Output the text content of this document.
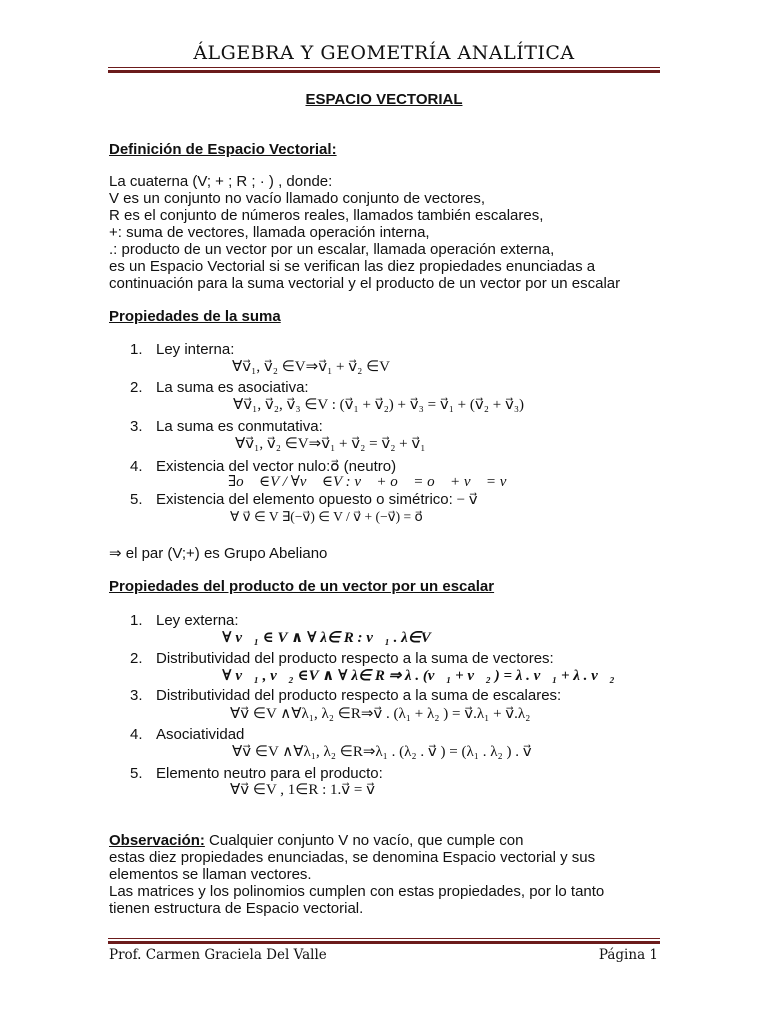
ÁLGEBRA Y GEOMETRÍA ANALÍTICA
ESPACIO VECTORIAL
Definición de Espacio Vectorial:
La cuaterna (V; + ; R ; · ) , donde:
V es un conjunto no vacío llamado conjunto de vectores,
R es el conjunto de números reales, llamados también escalares,
+: suma de vectores, llamada operación interna,
.: producto de un vector por un escalar, llamada operación externa,
es un Espacio Vectorial si se verifican las diez propiedades enunciadas a
continuación para la suma vectorial y el producto de un vector por un escalar
Propiedades de la suma
1. Ley interna:
∀v⃗₁, v⃗₂ ∈V⇒v⃗₁ + v⃗₂ ∈V
2. La suma es asociativa:
∀v⃗₁, v⃗₂, v⃗₃ ∈V : (v⃗₁ + v⃗₂) + v⃗₃ = v⃗₁ + (v⃗₂ + v⃗₃)
3. La suma es conmutativa:
∀v⃗₁, v⃗₂ ∈V⇒v⃗₁ + v⃗₂ = v⃗₂ + v⃗₁
4. Existencia del vector nulo:o⃗ (neutro)
∃o⃗ ∈V / ∀v⃗ ∈V : v⃗ + o⃗ = o⃗ + v⃗ = v⃗
5. Existencia del elemento opuesto o simétrico: − v⃗
∀ v⃗ ∈ V ∃(−v⃗) ∈ V / v⃗ + (−v⃗) = o⃗
⇒ el par (V;+) es Grupo Abeliano
Propiedades del producto de un vector por un escalar
1. Ley externa:
∀ v⃗₁ ∈ V ∧ ∀ λ∈ R : v⃗₁ . λ∈V
2. Distributividad del producto respecto a la suma de vectores:
∀ v⃗₁ , v⃗₂ ∈V ∧ ∀ λ∈ R ⇒ λ . (v⃗₁ + v⃗₂ ) = λ . v⃗₁ + λ . v⃗₂
3. Distributividad del producto respecto a la suma de escalares:
∀v⃗ ∈V ∧∀λ₁, λ₂ ∈R⇒v⃗ . (λ₁ + λ₂ ) = v⃗.λ₁ + v⃗.λ₂
4. Asociatividad
∀v⃗ ∈V ∧∀λ₁, λ₂ ∈R⇒λ₁ . (λ₂ . v⃗ ) = (λ₁ . λ₂ ) . v⃗
5. Elemento neutro para el producto:
∀v⃗ ∈V , 1∈R : 1.v⃗ = v⃗
Observación: Cualquier conjunto V no vacío, que cumple con
estas diez propiedades enunciadas, se denomina Espacio vectorial y sus
elementos se llaman vectores.
Las matrices y los polinomios cumplen con estas propiedades, por lo tanto
tienen estructura de Espacio vectorial.
Prof. Carmen Graciela Del Valle	Página 1
